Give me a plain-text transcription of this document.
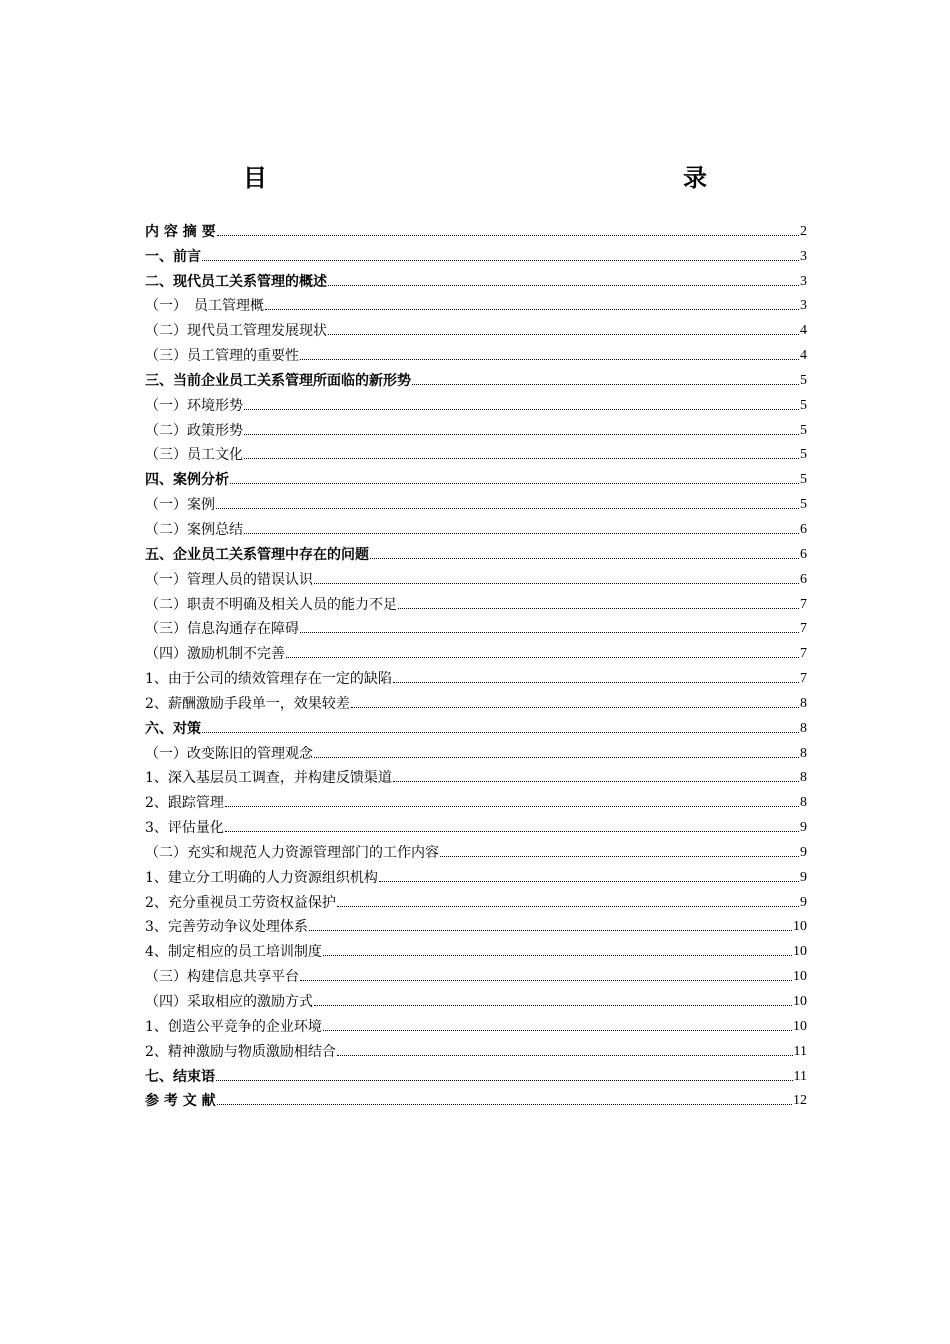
目　　　录
内 容 摘 要	2
一、前言	3
二、现代员工关系管理的概述	3
（一）　员工管理概	3
（二）现代员工管理发展现状	4
（三）员工管理的重要性	4
三、当前企业员工关系管理所面临的新形势	5
（一）环境形势	5
（二）政策形势	5
（三）员工文化	5
四、案例分析	5
（一）案例	5
（二）案例总结	6
五、企业员工关系管理中存在的问题	6
（一）管理人员的错误认识	6
（二）职责不明确及相关人员的能力不足	7
（三）信息沟通存在障碍	7
（四）激励机制不完善	7
1、由于公司的绩效管理存在一定的缺陷	7
2、薪酬激励手段单一，效果较差	8
六、对策	8
（一）改变陈旧的管理观念	8
1、深入基层员工调查，并构建反馈渠道	8
2、跟踪管理	8
3、评估量化	9
（二）充实和规范人力资源管理部门的工作内容	9
1、建立分工明确的人力资源组织机构	9
2、充分重视员工劳资权益保护	9
3、完善劳动争议处理体系	10
4、制定相应的员工培训制度	10
（三）构建信息共享平台	10
（四）采取相应的激励方式	10
1、创造公平竞争的企业环境	10
2、精神激励与物质激励相结合	11
七、结束语	11
参 考 文 献	12
